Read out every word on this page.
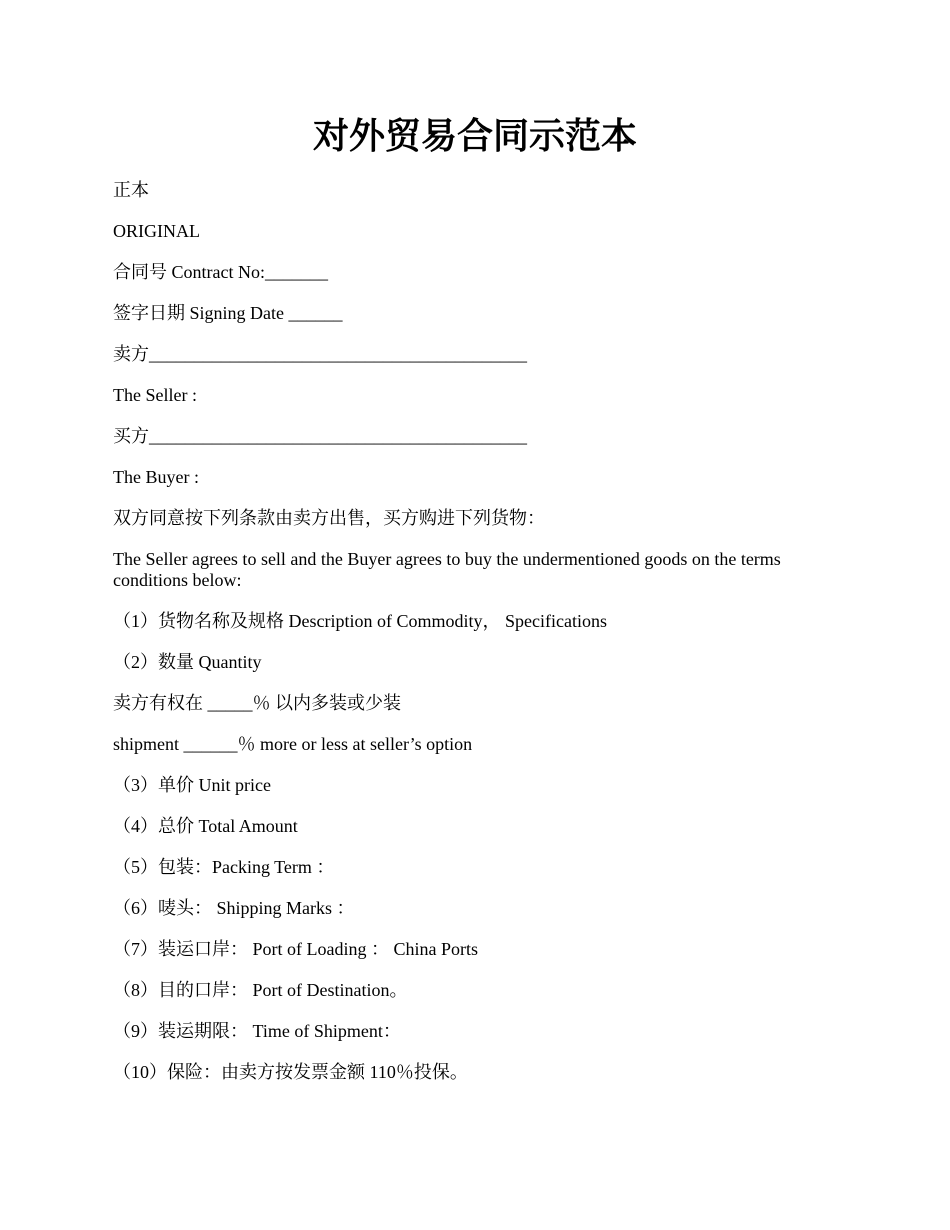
对外贸易合同示范本

正本

ORIGINAL

合同号 Contract No:_______

签字日期 Signing Date ______

卖方__________________________________________

The Seller :

买方__________________________________________

The Buyer :

双方同意按下列条款由卖方出售，买方购进下列货物：

The Seller agrees to sell and the Buyer agrees to buy the undermentioned goods on the terms conditions below:

（1）货物名称及规格 Description of Commodity， Specifications

（2）数量 Quantity

卖方有权在 _____％ 以内多装或少装

shipment ______％ more or less at seller’s option

（3）单价 Unit price

（4）总价 Total Amount

（5）包装：Packing Term ：

（6）唛头： Shipping Marks ：

（7）装运口岸： Port of Loading ： China Ports

（8）目的口岸： Port of Destination。

（9）装运期限： Time of Shipment：

（10）保险：由卖方按发票金额 110％投保。
